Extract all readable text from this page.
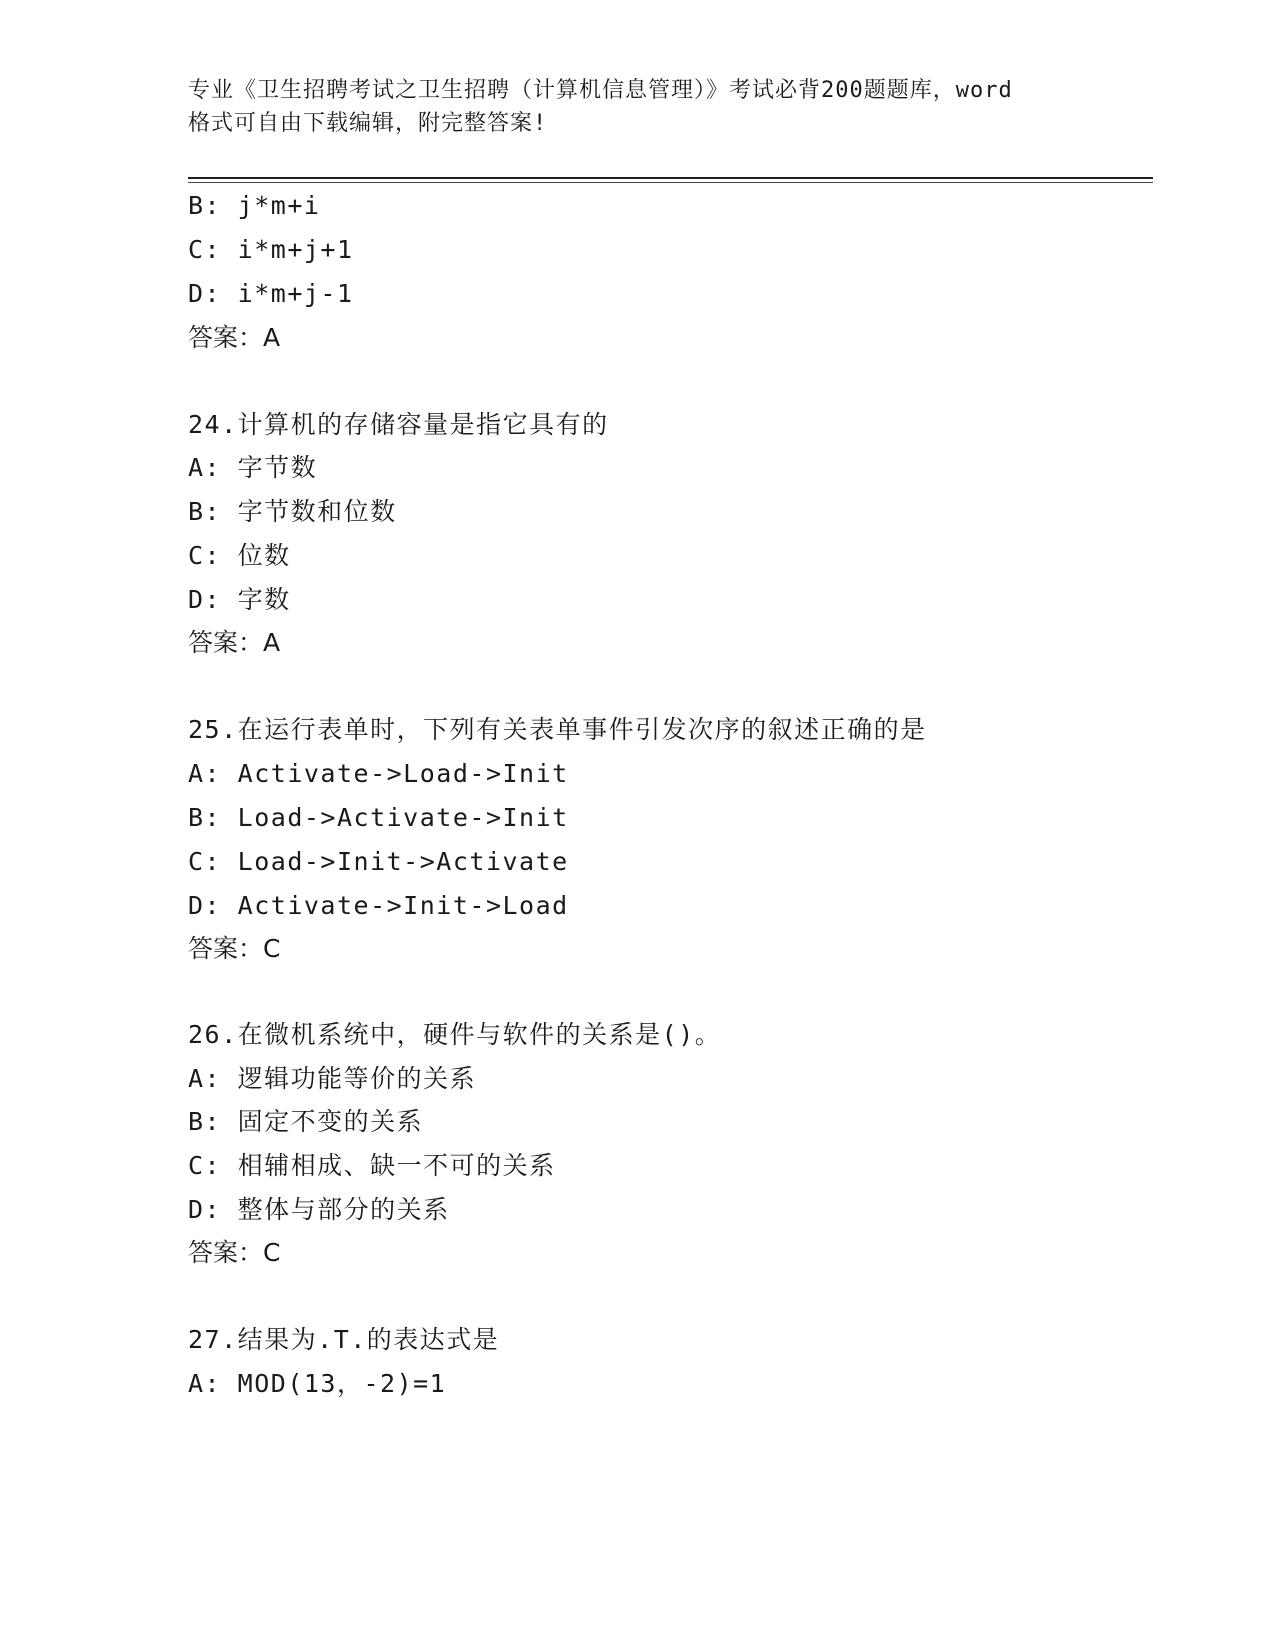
专业《卫生招聘考试之卫生招聘（计算机信息管理）》考试必背200题题库，word
格式可自由下载编辑，附完整答案!
B: j*m+i
C: i*m+j+1
D: i*m+j-1
答案：A
24.计算机的存储容量是指它具有的
A: 字节数
B: 字节数和位数
C: 位数
D: 字数
答案：A
25.在运行表单时，下列有关表单事件引发次序的叙述正确的是
A: Activate->Load->Init
B: Load->Activate->Init
C: Load->Init->Activate
D: Activate->Init->Load
答案：C
26.在微机系统中，硬件与软件的关系是()。
A: 逻辑功能等价的关系
B: 固定不变的关系
C: 相辅相成、缺一不可的关系
D: 整体与部分的关系
答案：C
27.结果为.T.的表达式是
A: MOD(13，-2)=1
